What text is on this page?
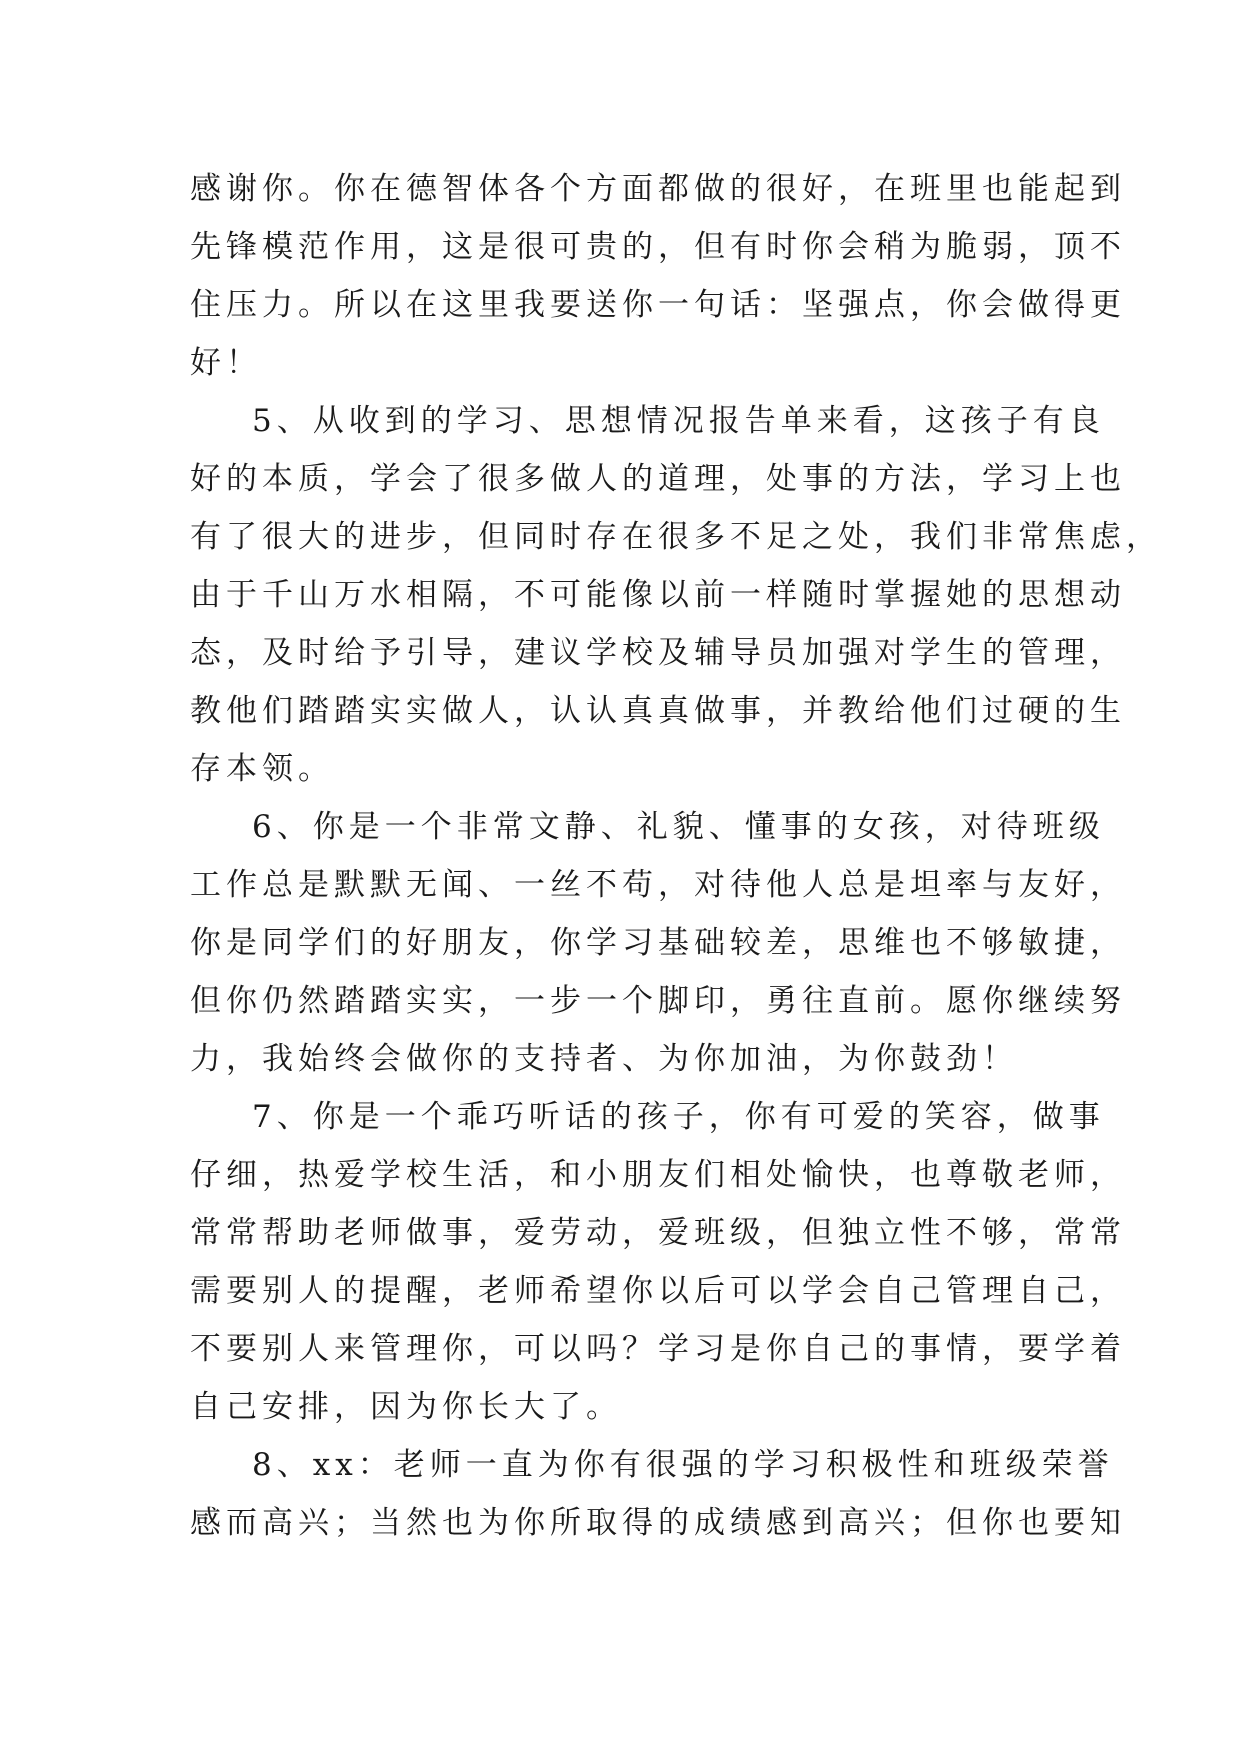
感谢你。你在德智体各个方面都做的很好，在班里也能起到
先锋模范作用，这是很可贵的，但有时你会稍为脆弱，顶不
住压力。所以在这里我要送你一句话：坚强点，你会做得更
好！
5、从收到的学习、思想情况报告单来看，这孩子有良
好的本质，学会了很多做人的道理，处事的方法，学习上也
有了很大的进步，但同时存在很多不足之处，我们非常焦虑，
由于千山万水相隔，不可能像以前一样随时掌握她的思想动
态，及时给予引导，建议学校及辅导员加强对学生的管理，
教他们踏踏实实做人，认认真真做事，并教给他们过硬的生
存本领。
6、你是一个非常文静、礼貌、懂事的女孩，对待班级
工作总是默默无闻、一丝不苟，对待他人总是坦率与友好，
你是同学们的好朋友，你学习基础较差，思维也不够敏捷，
但你仍然踏踏实实，一步一个脚印，勇往直前。愿你继续努
力，我始终会做你的支持者、为你加油，为你鼓劲！
7、你是一个乖巧听话的孩子，你有可爱的笑容，做事
仔细，热爱学校生活，和小朋友们相处愉快，也尊敬老师，
常常帮助老师做事，爱劳动，爱班级，但独立性不够，常常
需要别人的提醒，老师希望你以后可以学会自己管理自己，
不要别人来管理你，可以吗？学习是你自己的事情，要学着
自己安排，因为你长大了。
8、xx：老师一直为你有很强的学习积极性和班级荣誉
感而高兴；当然也为你所取得的成绩感到高兴；但你也要知
